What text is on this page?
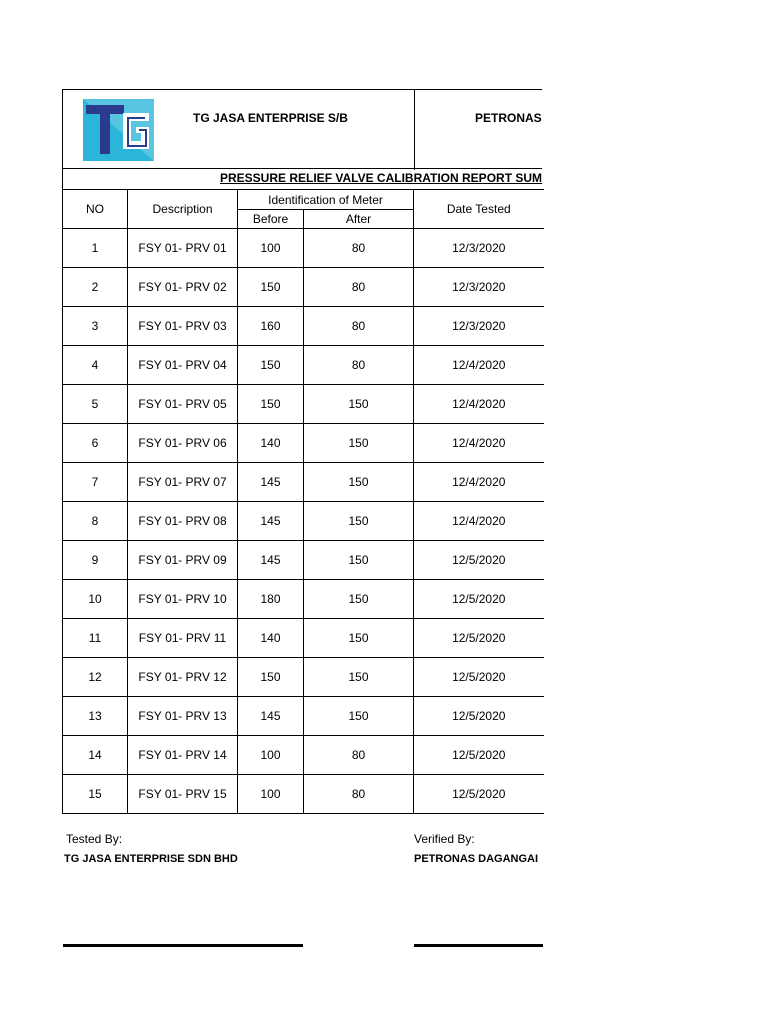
TG JASA ENTERPRISE S/B	PETRONAS
PRESSURE RELIEF VALVE CALIBRATION REPORT SUM
NO	Description	Identification of Meter		Date Tested
		Before	After	
1	FSY 01- PRV 01	100	80	12/3/2020
2	FSY 01- PRV 02	150	80	12/3/2020
3	FSY 01- PRV 03	160	80	12/3/2020
4	FSY 01- PRV 04	150	80	12/4/2020
5	FSY 01- PRV 05	150	150	12/4/2020
6	FSY 01- PRV 06	140	150	12/4/2020
7	FSY 01- PRV 07	145	150	12/4/2020
8	FSY 01- PRV 08	145	150	12/4/2020
9	FSY 01- PRV 09	145	150	12/5/2020
10	FSY 01- PRV 10	180	150	12/5/2020
11	FSY 01- PRV 11	140	150	12/5/2020
12	FSY 01- PRV 12	150	150	12/5/2020
13	FSY 01- PRV 13	145	150	12/5/2020
14	FSY 01- PRV 14	100	80	12/5/2020
15	FSY 01- PRV 15	100	80	12/5/2020
Tested By:
TG JASA ENTERPRISE SDN BHD
Verified By:
PETRONAS DAGANGAI
